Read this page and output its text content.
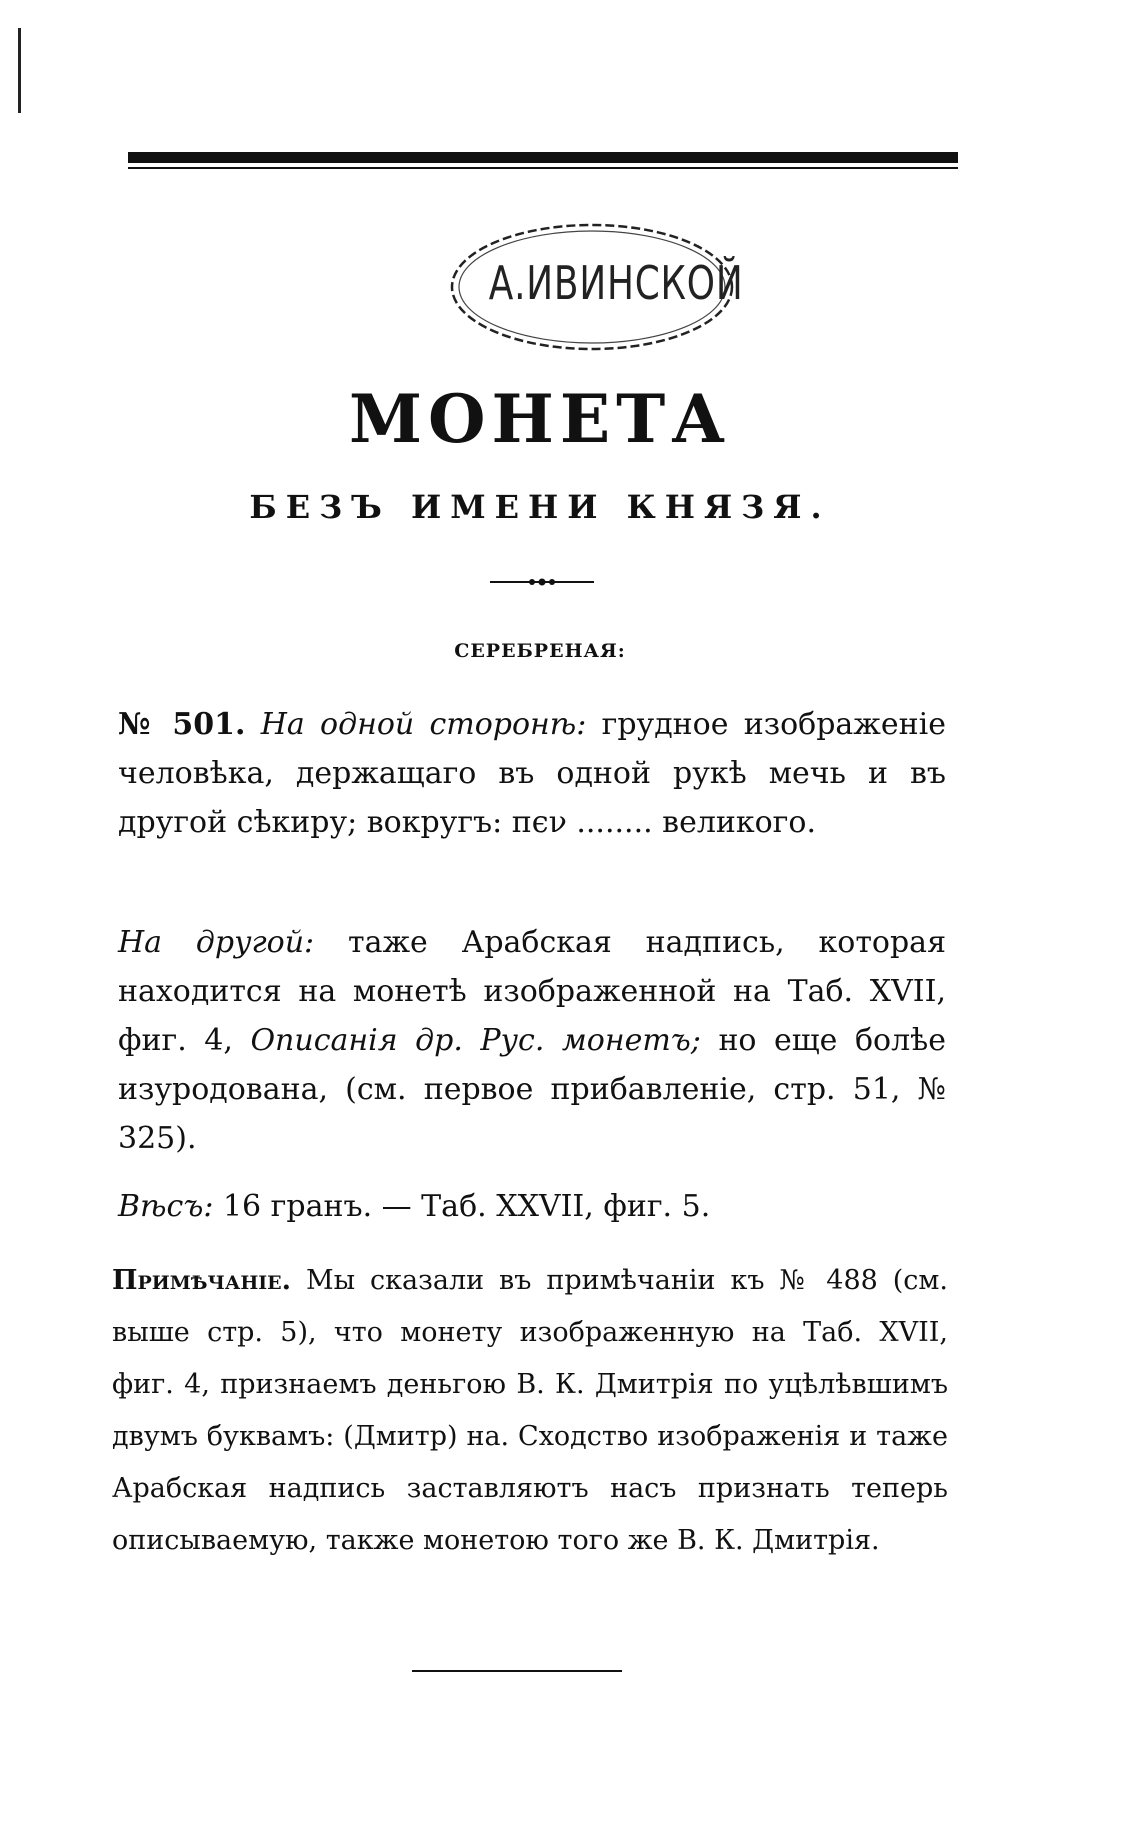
А.ИВИНСКОЙ
МОНЕТА
БЕЗЪ ИМЕНИ КНЯЗЯ.
СЕРЕБРЕНАЯ:
№ 501. На одной сторонѣ: грудное изображеніе человѣка, держащаго въ одной рукѣ мечь и въ другой сѣкиру; вокругъ: пєν ........ великого.
На другой: таже Арабская надпись, которая находится на монетѣ изображенной на Таб. XVII, фиг. 4, Описанія др. Рус. монетъ; но еще болѣе изуродована, (см. первое прибавленіе, стр. 51, № 325).
Вѣсъ: 16 гранъ. — Таб. XXVII, фиг. 5.
Примѣчаніе. Мы сказали въ примѣчаніи къ № 488 (см. выше стр. 5), что монету изображенную на Таб. XVII, фиг. 4, признаемъ деньгою В. К. Дмитрія по уцѣлѣвшимъ двумъ буквамъ: (Дмитр) на. Сходство изображенія и таже Арабская надпись заставляютъ насъ признать теперь описываемую, также монетою того же В. К. Дмитрія.
